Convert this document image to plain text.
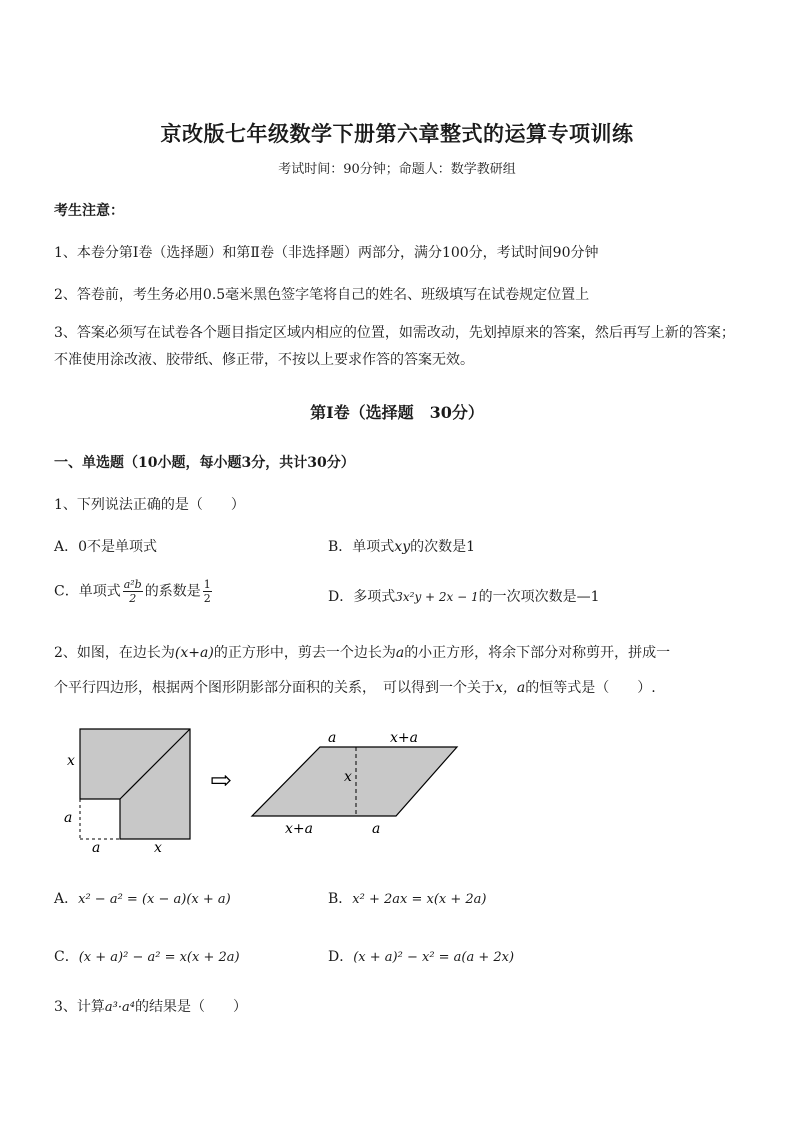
京改版七年级数学下册第六章整式的运算专项训练
考试时间：90分钟；命题人：数学教研组
考生注意：
1、本卷分第Ⅰ卷（选择题）和第Ⅱ卷（非选择题）两部分，满分100分，考试时间90分钟
2、答卷前，考生务必用0.5毫米黑色签字笔将自己的姓名、班级填写在试卷规定位置上
3、答案必须写在试卷各个题目指定区域内相应的位置，如需改动，先划掉原来的答案，然后再写上新的答案；不准使用涂改液、胶带纸、修正带，不按以上要求作答的答案无效。
第Ⅰ卷（选择题　30分）
一、单选题（10小题，每小题3分，共计30分）
1、下列说法正确的是（　　）
A．0不是单项式	B．单项式xy的次数是1
C．单项式 $\frac{\text{a²b}}{2}$ 的系数是 $\frac{1}{2}$	D．多项式3x²y + 2x − 1的一次项次数是—1
2、如图，在边长为(x+a)的正方形中，剪去一个边长为a的小正方形，将余下部分对称剪开，拼成一
个平行四边形，根据两个图形阴影部分面积的关系，　可以得到一个关于x，a的恒等式是（　　）.
x
a
a	x
⇨
a	x+a
x
x+a	a
A．x² − a² = (x − a)(x + a)	B．x² + 2ax = x(x + 2a)
C．(x + a)² − a² = x(x + 2a)	D．(x + a)² − x² = a(a + 2x)
3、计算a³·a⁴的结果是（　　）
